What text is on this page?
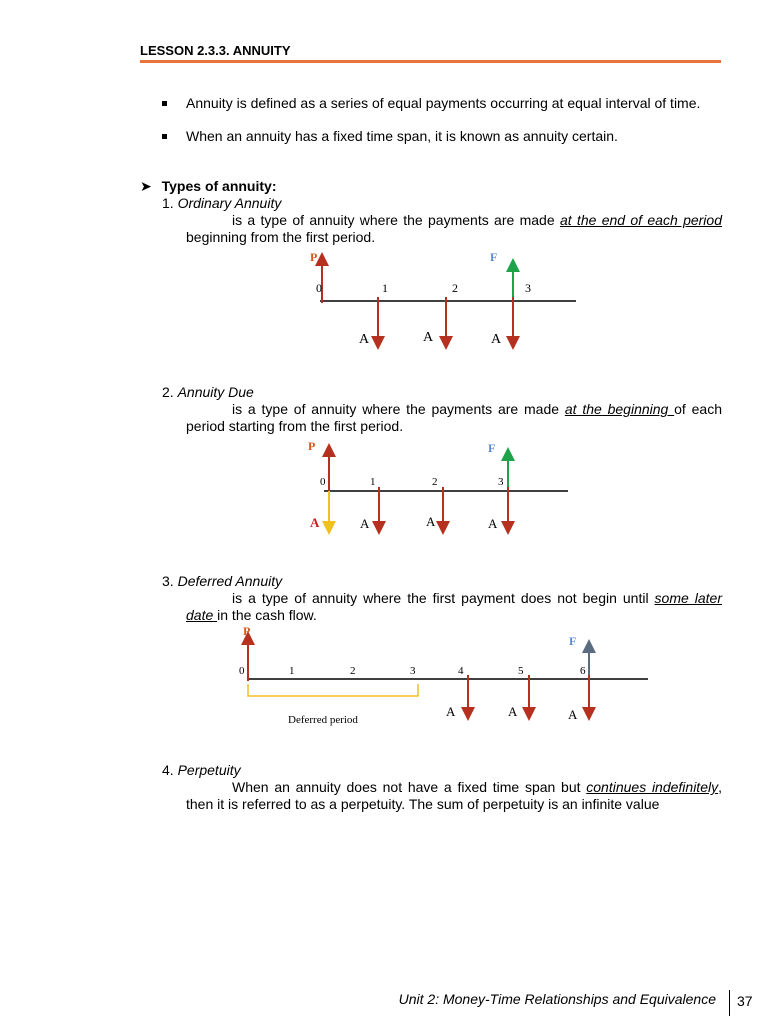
LESSON 2.3.3. ANNUITY
Annuity is defined as a series of equal payments occurring at equal interval of time.
When an annuity has a fixed time span, it is known as annuity certain.
➤ Types of annuity:
1. Ordinary Annuity
is a type of annuity where the payments are made at the end of each period beginning from the first period.
P	F
0	1	2	3
A	A	A
2. Annuity Due
is a type of annuity where the payments are made at the beginning of each period starting from the first period.
P	F
0	1	2	3
A	A	A	A
3. Deferred Annuity
is a type of annuity where the first payment does not begin until some later date in the cash flow.
P
F
0	1	2	3	4	5	6
A	A	A
Deferred period
4. Perpetuity
When an annuity does not have a fixed time span but continues indefinitely, then it is referred to as a perpetuity. The sum of perpetuity is an infinite value
Unit 2: Money-Time Relationships and Equivalence 37
